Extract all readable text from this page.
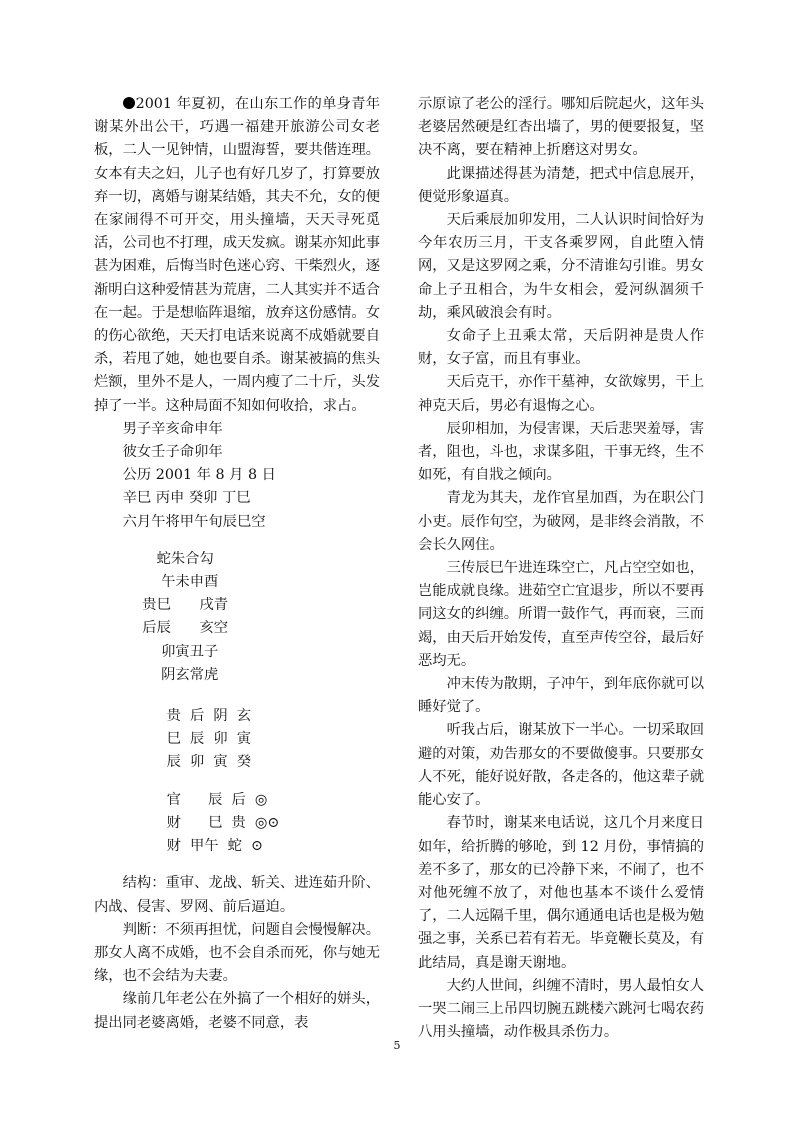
2001 年夏初，在山东工作的单身青年谢某外出公干，巧遇一福建开旅游公司女老板，二人一见钟情，山盟海誓，要共偕连理。女本有夫之妇，儿子也有好几岁了，打算要放弃一切，离婚与谢某结婚，其夫不允，女的便在家闹得不可开交，用头撞墙，天天寻死觅活，公司也不打理，成天发疯。谢某亦知此事甚为困难，后悔当时色迷心窍、干柴烈火，逐渐明白这种爱情甚为荒唐，二人其实并不适合在一起。于是想临阵退缩，放弃这份感情。女的伤心欲绝，天天打电话来说离不成婚就要自杀，若甩了她，她也要自杀。谢某被搞的焦头烂额，里外不是人，一周内瘦了二十斤，头发掉了一半。这种局面不知如何收拾，求占。

男子辛亥命申年

彼女壬子命卯年

公历 2001 年 8 月 8 日

辛巳 丙申 癸卯 丁巳

六月午将甲午旬辰巳空

　　蛇朱合勾

　　 午未申酉

　贵巳　　戌青

　后辰　　亥空

　　 卯寅丑子

　　 阴玄常虎

　　贵  后  阴  玄

　　巳  辰  卯  寅

　　辰  卯  寅  癸

　　官      辰  后  ◎

　　财      巳  贵  ◎⊙

　　财  甲午  蛇  ⊙

结构：重审、龙战、斩关、进连茹升阶、内战、侵害、罗网、前后逼迫。

判断：不须再担忧，问题自会慢慢解决。那女人离不成婚，也不会自杀而死，你与她无缘，也不会结为夫妻。

缘前几年老公在外搞了一个相好的姘头，提出同老婆离婚，老婆不同意，表

示原谅了老公的淫行。哪知后院起火，这年头老婆居然硬是红杏出墙了，男的便要报复，坚决不离，要在精神上折磨这对男女。

此课描述得甚为清楚，把式中信息展开，便觉形象逼真。

天后乘辰加卯发用，二人认识时间恰好为今年农历三月，干支各乘罗网，自此堕入情网，又是这罗网之乘，分不清谁勾引谁。男女命上子丑相合，为牛女相会，爱河纵涸须千劫，乘风破浪会有时。

女命子上丑乘太常，天后阴神是贵人作财，女子富，而且有事业。

天后克干，亦作干墓神，女欲嫁男，干上神克天后，男必有退悔之心。

辰卯相加，为侵害课，天后悲哭羞辱，害者，阻也，斗也，求谋多阻，干事无终，生不如死，有自戕之倾向。

青龙为其夫，龙作官星加酉，为在职公门小吏。辰作旬空，为破网，是非终会消散，不会长久网住。

三传辰巳午进连珠空亡，凡占空空如也，岂能成就良缘。进茹空亡宜退步，所以不要再同这女的纠缠。所谓一鼓作气，再而衰，三而竭，由天后开始发传，直至声传空谷，最后好恶均无。

冲末传为散期，子冲午，到年底你就可以睡好觉了。

听我占后，谢某放下一半心。一切采取回避的对策，劝告那女的不要做傻事。只要那女人不死，能好说好散，各走各的，他这辈子就能心安了。

春节时，谢某来电话说，这几个月来度日如年，给折腾的够呛，到 12 月份，事情搞的差不多了，那女的已冷静下来，不闹了，也不对他死缠不放了，对他也基本不谈什么爱情了，二人远隔千里，偶尔通通电话也是极为勉强之事，关系已若有若无。毕竟鞭长莫及，有此结局，真是谢天谢地。

大约人世间，纠缠不清时，男人最怕女人一哭二闹三上吊四切腕五跳楼六跳河七喝农药八用头撞墙，动作极具杀伤力。

5
